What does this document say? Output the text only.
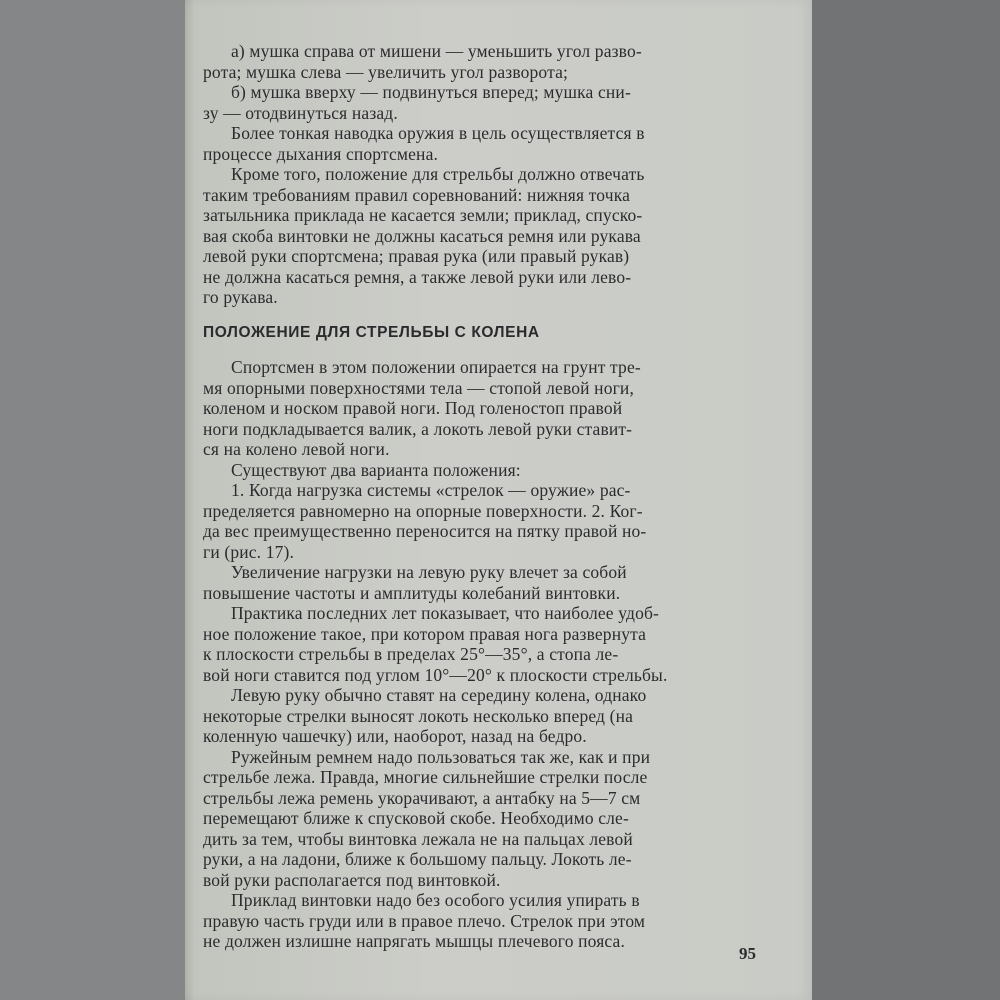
а) мушка справа от мишени — уменьшить угол разво-
рота; мушка слева — увеличить угол разворота;

б) мушка вверху — подвинуться вперед; мушка сни-
зу — отодвинуться назад.

Более тонкая наводка оружия в цель осуществляется в
процессе дыхания спортсмена.

Кроме того, положение для стрельбы должно отвечать
таким требованиям правил соревнований: нижняя точка
затыльника приклада не касается земли; приклад, спуско-
вая скоба винтовки не должны касаться ремня или рукава
левой руки спортсмена; правая рука (или правый рукав)
не должна касаться ремня, а также левой руки или лево-
го рукава.

ПОЛОЖЕНИЕ ДЛЯ СТРЕЛЬБЫ С КОЛЕНА

Спортсмен в этом положении опирается на грунт тре-
мя опорными поверхностями тела — стопой левой ноги,
коленом и носком правой ноги. Под голеностоп правой
ноги подкладывается валик, а локоть левой руки ставит-
ся на колено левой ноги.

Существуют два варианта положения:

1. Когда нагрузка системы «стрелок — оружие» рас-
пределяется равномерно на опорные поверхности. 2. Ког-
да вес преимущественно переносится на пятку правой но-
ги (рис. 17).

Увеличение нагрузки на левую руку влечет за собой
повышение частоты и амплитуды колебаний винтовки.

Практика последних лет показывает, что наиболее удоб-
ное положение такое, при котором правая нога развернута
к плоскости стрельбы в пределах 25°—35°, а стопа ле-
вой ноги ставится под углом 10°—20° к плоскости стрельбы.

Левую руку обычно ставят на середину колена, однако
некоторые стрелки выносят локоть несколько вперед (на
коленную чашечку) или, наоборот, назад на бедро.

Ружейным ремнем надо пользоваться так же, как и при
стрельбе лежа. Правда, многие сильнейшие стрелки после
стрельбы лежа ремень укорачивают, а антабку на 5—7 см
перемещают ближе к спусковой скобе. Необходимо сле-
дить за тем, чтобы винтовка лежала не на пальцах левой
руки, а на ладони, ближе к большому пальцу. Локоть ле-
вой руки располагается под винтовкой.

Приклад винтовки надо без особого усилия упирать в
правую часть груди или в правое плечо. Стрелок при этом
не должен излишне напрягать мышцы плечевого пояса.

95
